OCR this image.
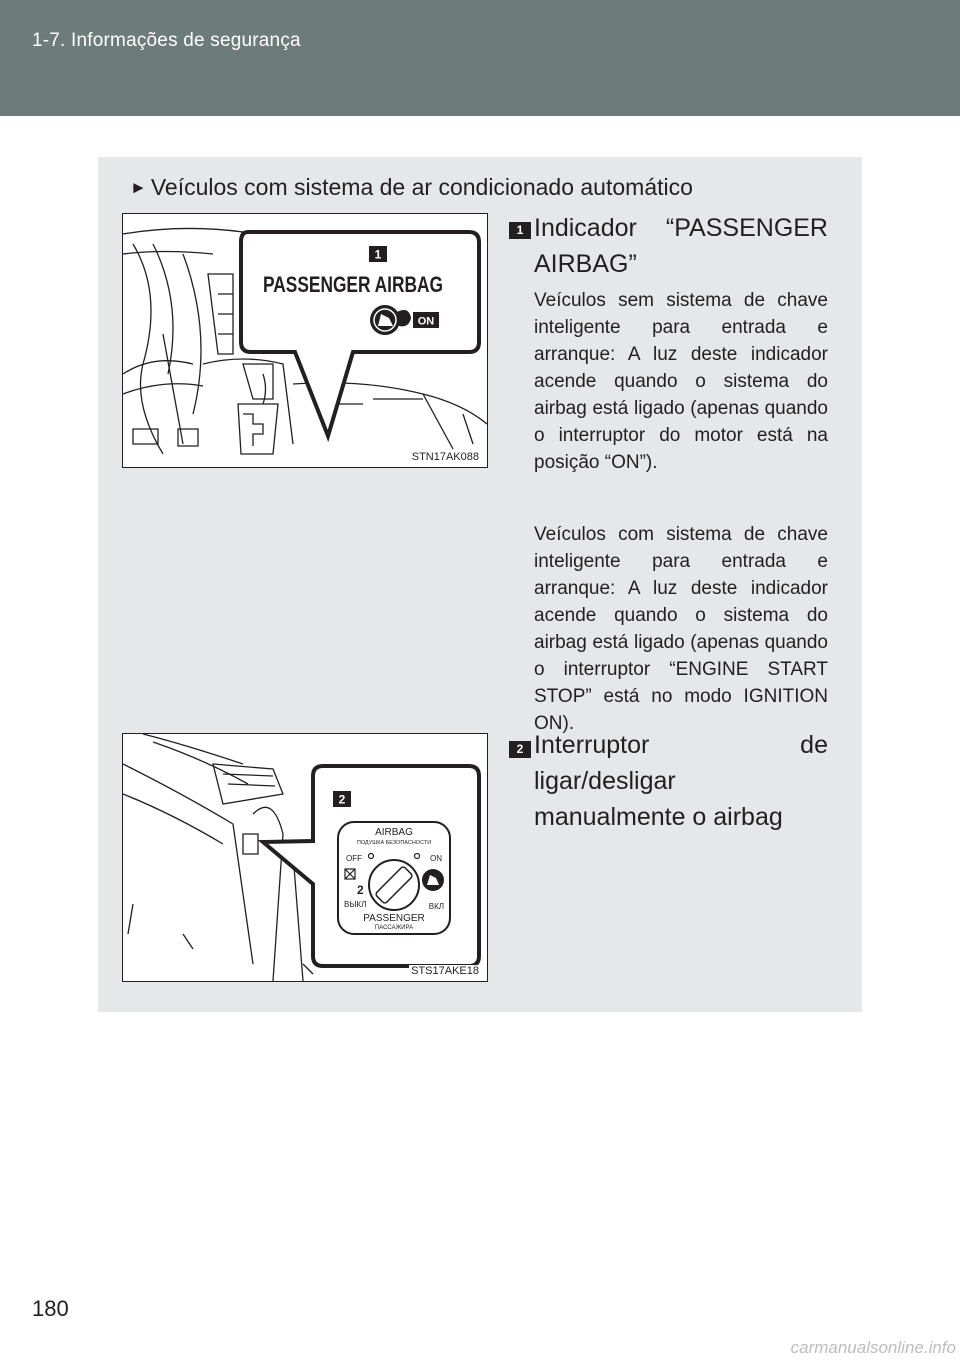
1-7. Informações de segurança
► Veículos com sistema de ar condicionado automático
1
PASSENGER AIRBAG
ON
STN17AK088
1 Indicador “PASSENGER AIRBAG”
Veículos sem sistema de chave inteligente para entrada e arranque: A luz deste indicador acende quando o sistema do airbag está ligado (apenas quando o interruptor do motor está na posição “ON”).
Veículos com sistema de chave inteligente para entrada e arranque: A luz deste indicador acende quando o sistema do airbag está ligado (apenas quando o interruptor “ENGINE START STOP” está no modo IGNITION ON).
2
AIRBAG
ПОДУШКА БЕЗОПАСНОСТИ
OFF	ON
2
ВЫКЛ	ВКЛ
PASSENGER
ПАССАЖИРА
STS17AKE18
2 Interruptor de ligar/desligar manualmente o airbag
180
carmanualsonline.info
